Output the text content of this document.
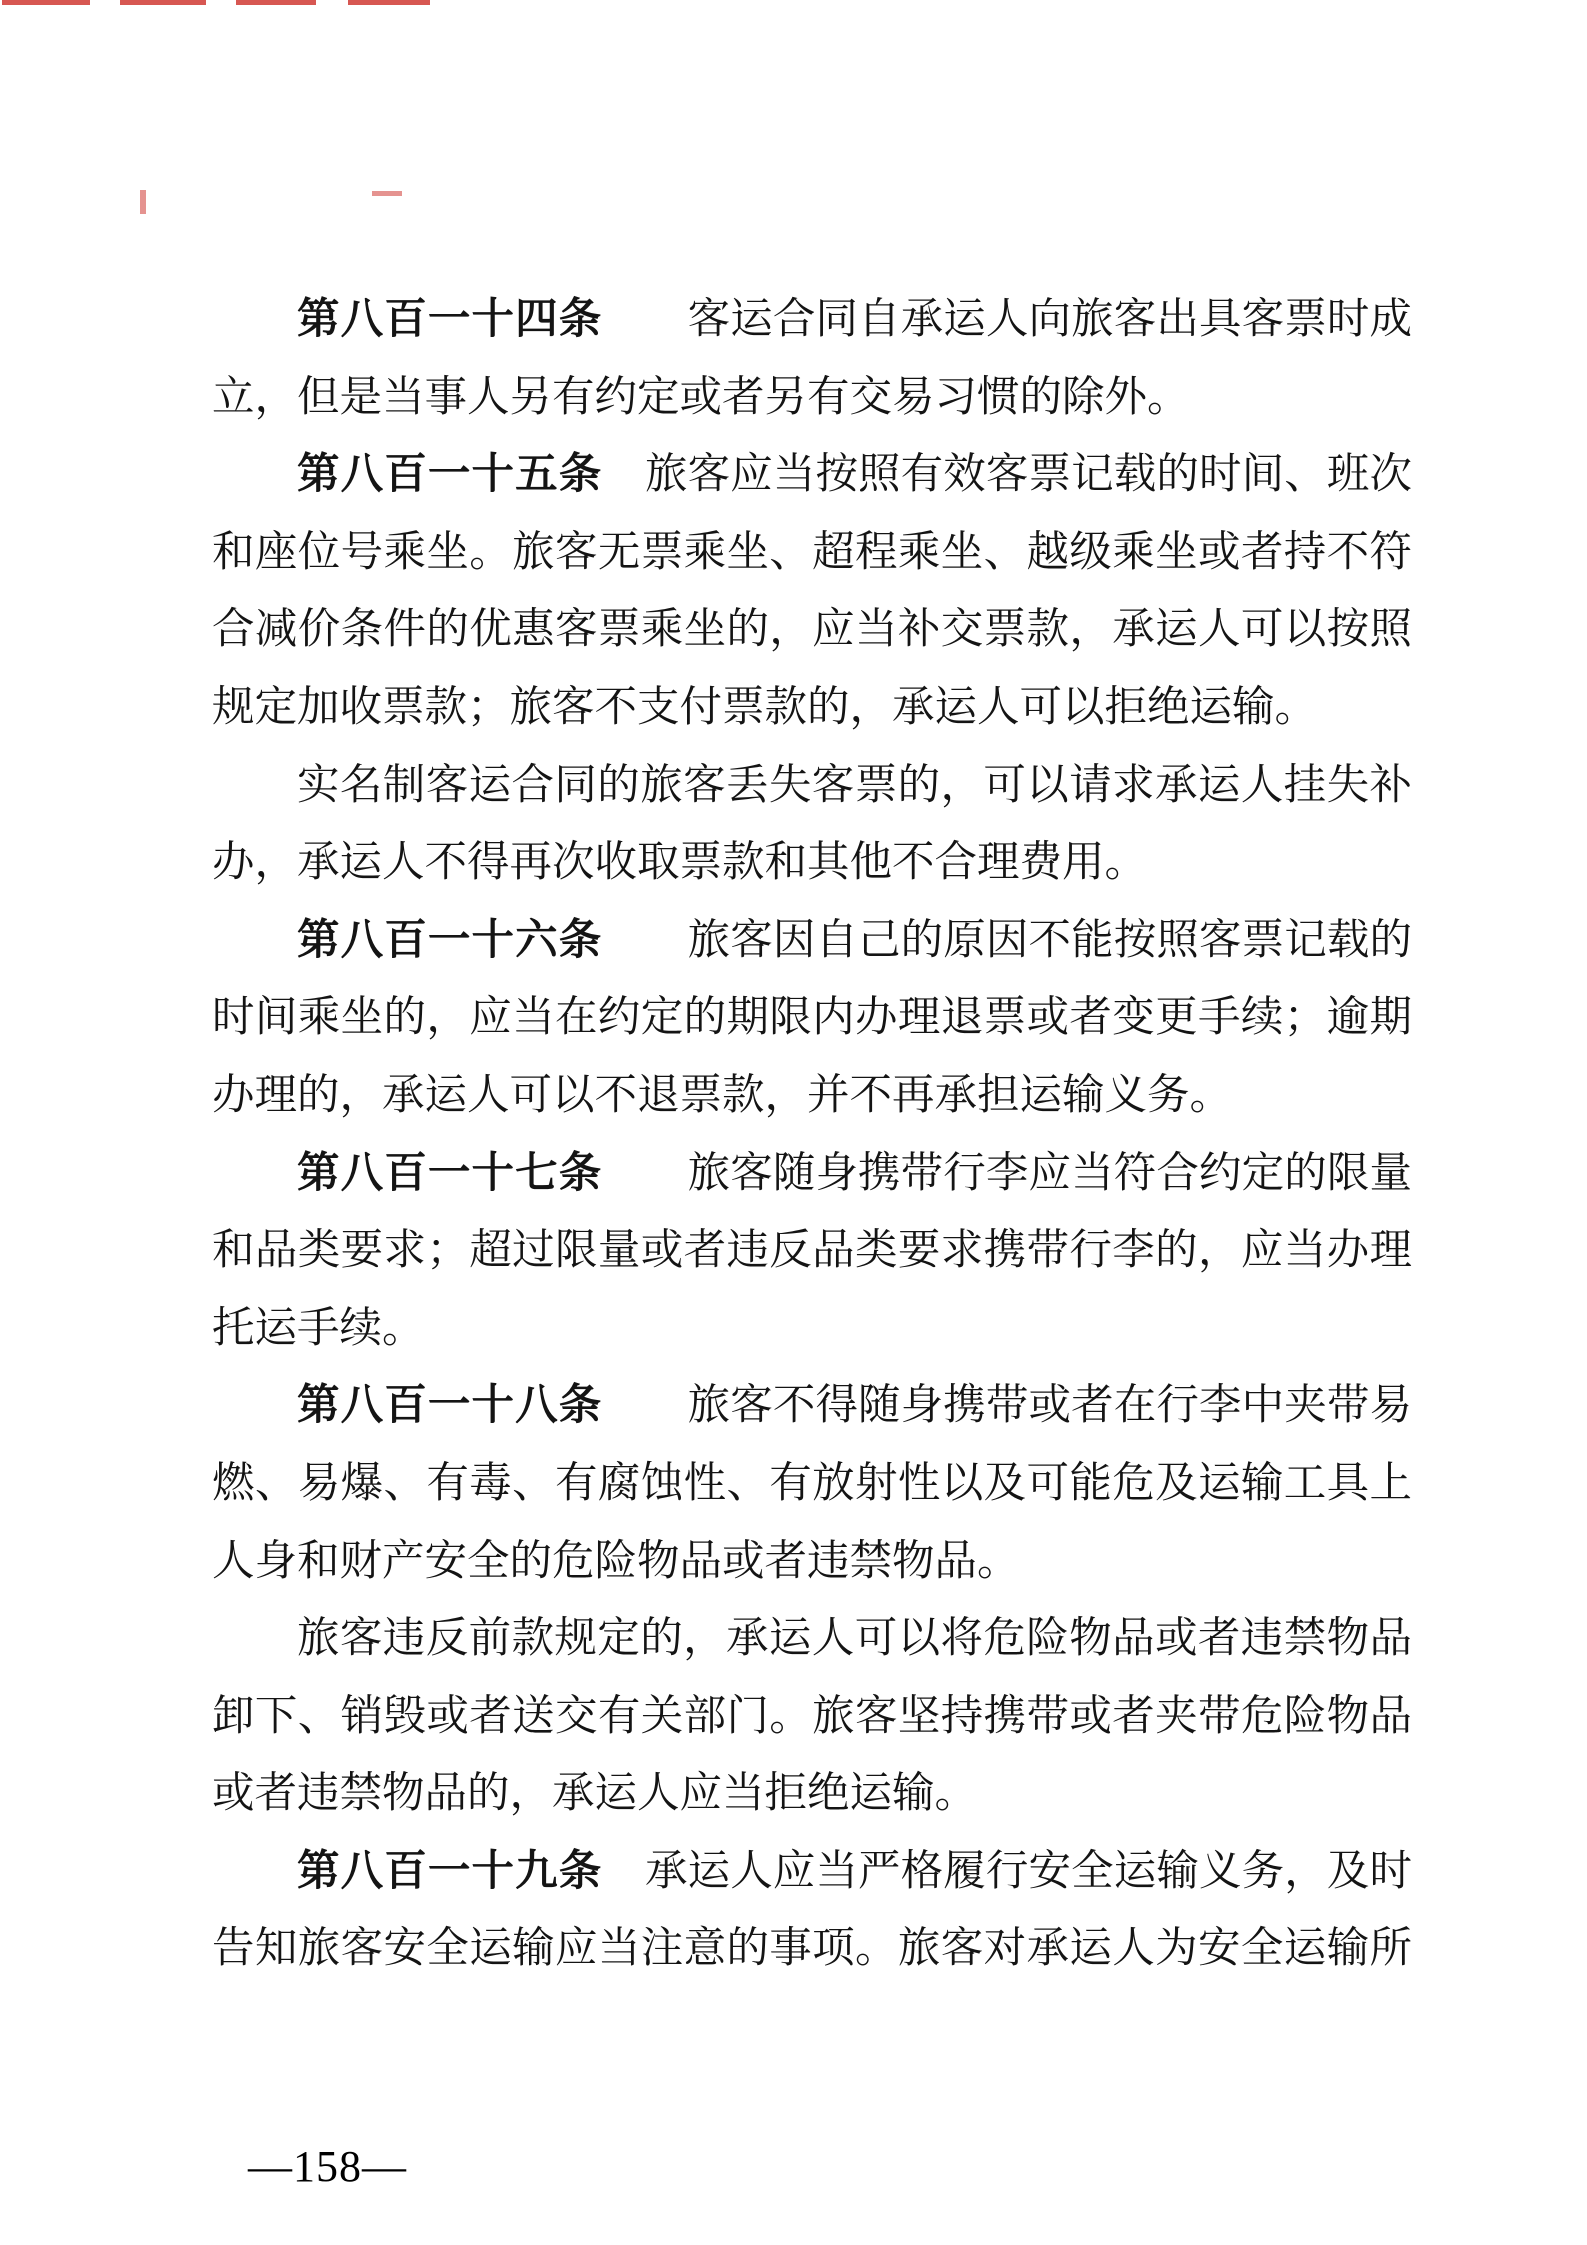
第八百一十四条　　客运合同自承运人向旅客出具客票时成
立，但是当事人另有约定或者另有交易习惯的除外。
第八百一十五条　旅客应当按照有效客票记载的时间、班次
和座位号乘坐。旅客无票乘坐、超程乘坐、越级乘坐或者持不符
合减价条件的优惠客票乘坐的，应当补交票款，承运人可以按照
规定加收票款；旅客不支付票款的，承运人可以拒绝运输。
实名制客运合同的旅客丢失客票的，可以请求承运人挂失补
办，承运人不得再次收取票款和其他不合理费用。
第八百一十六条　　旅客因自己的原因不能按照客票记载的
时间乘坐的，应当在约定的期限内办理退票或者变更手续；逾期
办理的，承运人可以不退票款，并不再承担运输义务。
第八百一十七条　　旅客随身携带行李应当符合约定的限量
和品类要求；超过限量或者违反品类要求携带行李的，应当办理
托运手续。
第八百一十八条　　旅客不得随身携带或者在行李中夹带易
燃、易爆、有毒、有腐蚀性、有放射性以及可能危及运输工具上
人身和财产安全的危险物品或者违禁物品。
旅客违反前款规定的，承运人可以将危险物品或者违禁物品
卸下、销毁或者送交有关部门。旅客坚持携带或者夹带危险物品
或者违禁物品的，承运人应当拒绝运输。
第八百一十九条　承运人应当严格履行安全运输义务，及时
告知旅客安全运输应当注意的事项。旅客对承运人为安全运输所
—158—
